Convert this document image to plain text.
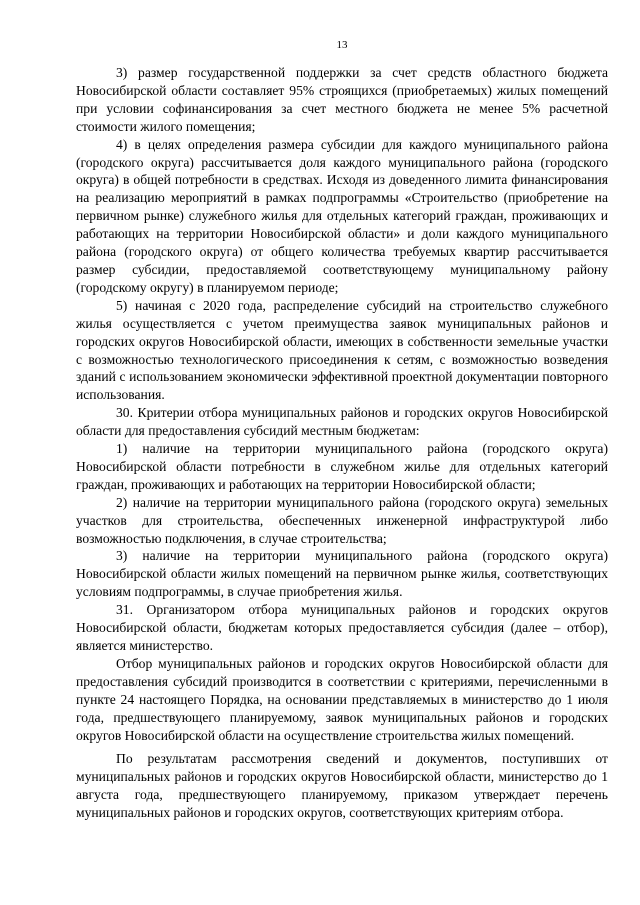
13

3) размер государственной поддержки за счет средств областного бюджета Новосибирской области составляет 95% строящихся (приобретаемых) жилых помещений при условии софинансирования за счет местного бюджета не менее 5% расчетной стоимости жилого помещения;

4) в целях определения размера субсидии для каждого муниципального района (городского округа) рассчитывается доля каждого муниципального района (городского округа) в общей потребности в средствах. Исходя из доведенного лимита финансирования на реализацию мероприятий в рамках подпрограммы «Строительство (приобретение на первичном рынке) служебного жилья для отдельных категорий граждан, проживающих и работающих на территории Новосибирской области» и доли каждого муниципального района (городского округа) от общего количества требуемых квартир рассчитывается размер субсидии, предоставляемой соответствующему муниципальному району (городскому округу) в планируемом периоде;

5) начиная с 2020 года, распределение субсидий на строительство служебного жилья осуществляется с учетом преимущества заявок муниципальных районов и городских округов Новосибирской области, имеющих в собственности земельные участки с возможностью технологического присоединения к сетям, с возможностью возведения зданий с использованием экономически эффективной проектной документации повторного использования.

30. Критерии отбора муниципальных районов и городских округов Новосибирской области для предоставления субсидий местным бюджетам:

1) наличие на территории муниципального района (городского округа) Новосибирской области потребности в служебном жилье для отдельных категорий граждан, проживающих и работающих на территории Новосибирской области;

2) наличие на территории муниципального района (городского округа) земельных участков для строительства, обеспеченных инженерной инфраструктурой либо возможностью подключения, в случае строительства;

3) наличие на территории муниципального района (городского округа) Новосибирской области жилых помещений на первичном рынке жилья, соответствующих условиям подпрограммы, в случае приобретения жилья.

31. Организатором отбора муниципальных районов и городских округов Новосибирской области, бюджетам которых предоставляется субсидия (далее – отбор), является министерство.

Отбор муниципальных районов и городских округов Новосибирской области для предоставления субсидий производится в соответствии с критериями, перечисленными в пункте 24 настоящего Порядка, на основании представляемых в министерство до 1 июля года, предшествующего планируемому, заявок муниципальных районов и городских округов Новосибирской области на осуществление строительства жилых помещений.

По результатам рассмотрения сведений и документов, поступивших от муниципальных районов и городских округов Новосибирской области, министерство до 1 августа года, предшествующего планируемому, приказом утверждает перечень муниципальных районов и городских округов, соответствующих критериям отбора.
